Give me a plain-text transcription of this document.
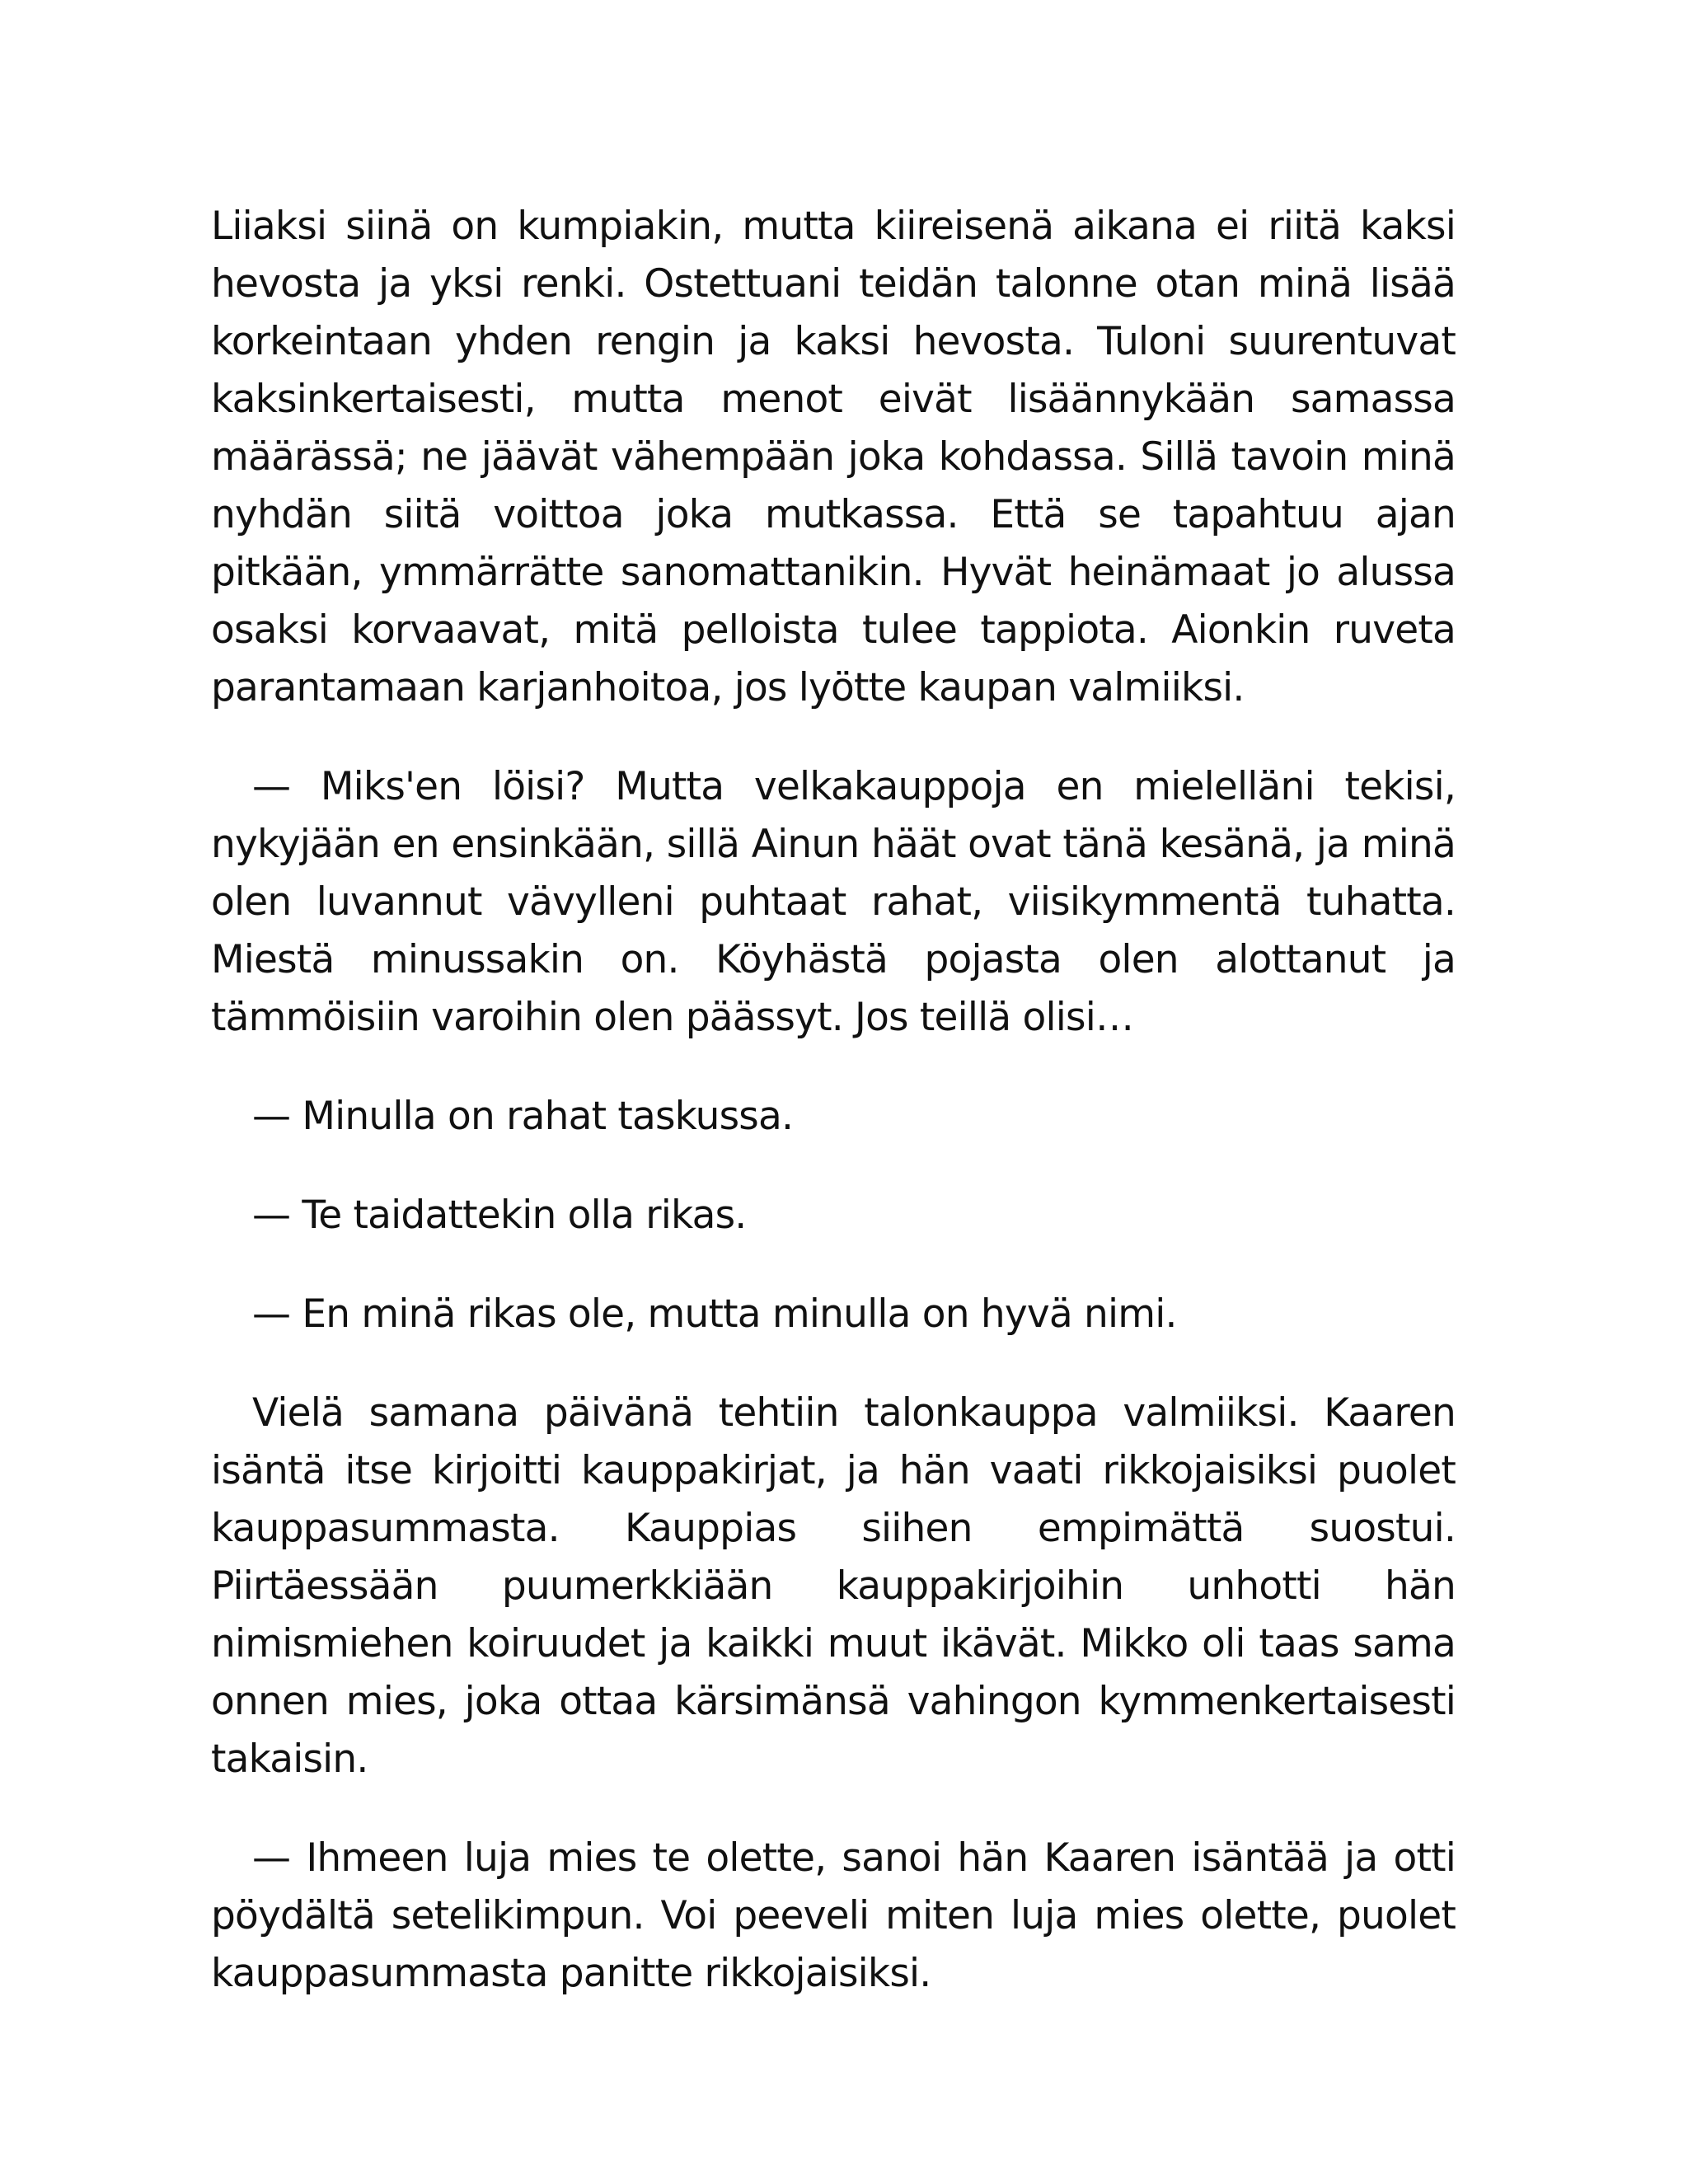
Liiaksi siinä on kumpiakin, mutta kiireisenä aikana ei riitä kaksi hevosta ja yksi renki. Ostettuani teidän talonne otan minä lisää korkeintaan yhden rengin ja kaksi hevosta. Tuloni suurentuvat kaksinkertaisesti, mutta menot eivät lisäännykään samassa määrässä; ne jäävät vähempään joka kohdassa. Sillä tavoin minä nyhdän siitä voittoa joka mutkassa. Että se tapahtuu ajan pitkään, ymmärrätte sanomattanikin. Hyvät heinämaat jo alussa osaksi korvaavat, mitä pelloista tulee tappiota. Aionkin ruveta parantamaan karjanhoitoa, jos lyötte kaupan valmiiksi.

— Miks'en löisi? Mutta velkakauppoja en mielelläni tekisi, nykyjään en ensinkään, sillä Ainun häät ovat tänä kesänä, ja minä olen luvannut vävylleni puhtaat rahat, viisikymmentä tuhatta. Miestä minussakin on. Köyhästä pojasta olen alottanut ja tämmöisiin varoihin olen päässyt. Jos teillä olisi…

— Minulla on rahat taskussa.

— Te taidattekin olla rikas.

— En minä rikas ole, mutta minulla on hyvä nimi.

Vielä samana päivänä tehtiin talonkauppa valmiiksi. Kaaren isäntä itse kirjoitti kauppakirjat, ja hän vaati rikkojaisiksi puolet kauppasummasta. Kauppias siihen empimättä suostui. Piirtäessään puumerkkiään kauppakirjoihin unhotti hän nimismiehen koiruudet ja kaikki muut ikävät. Mikko oli taas sama onnen mies, joka ottaa kärsimänsä vahingon kymmenkertaisesti takaisin.

— Ihmeen luja mies te olette, sanoi hän Kaaren isäntää ja otti pöydältä setelikimpun. Voi peeveli miten luja mies olette, puolet kauppasummasta panitte rikkojaisiksi.
